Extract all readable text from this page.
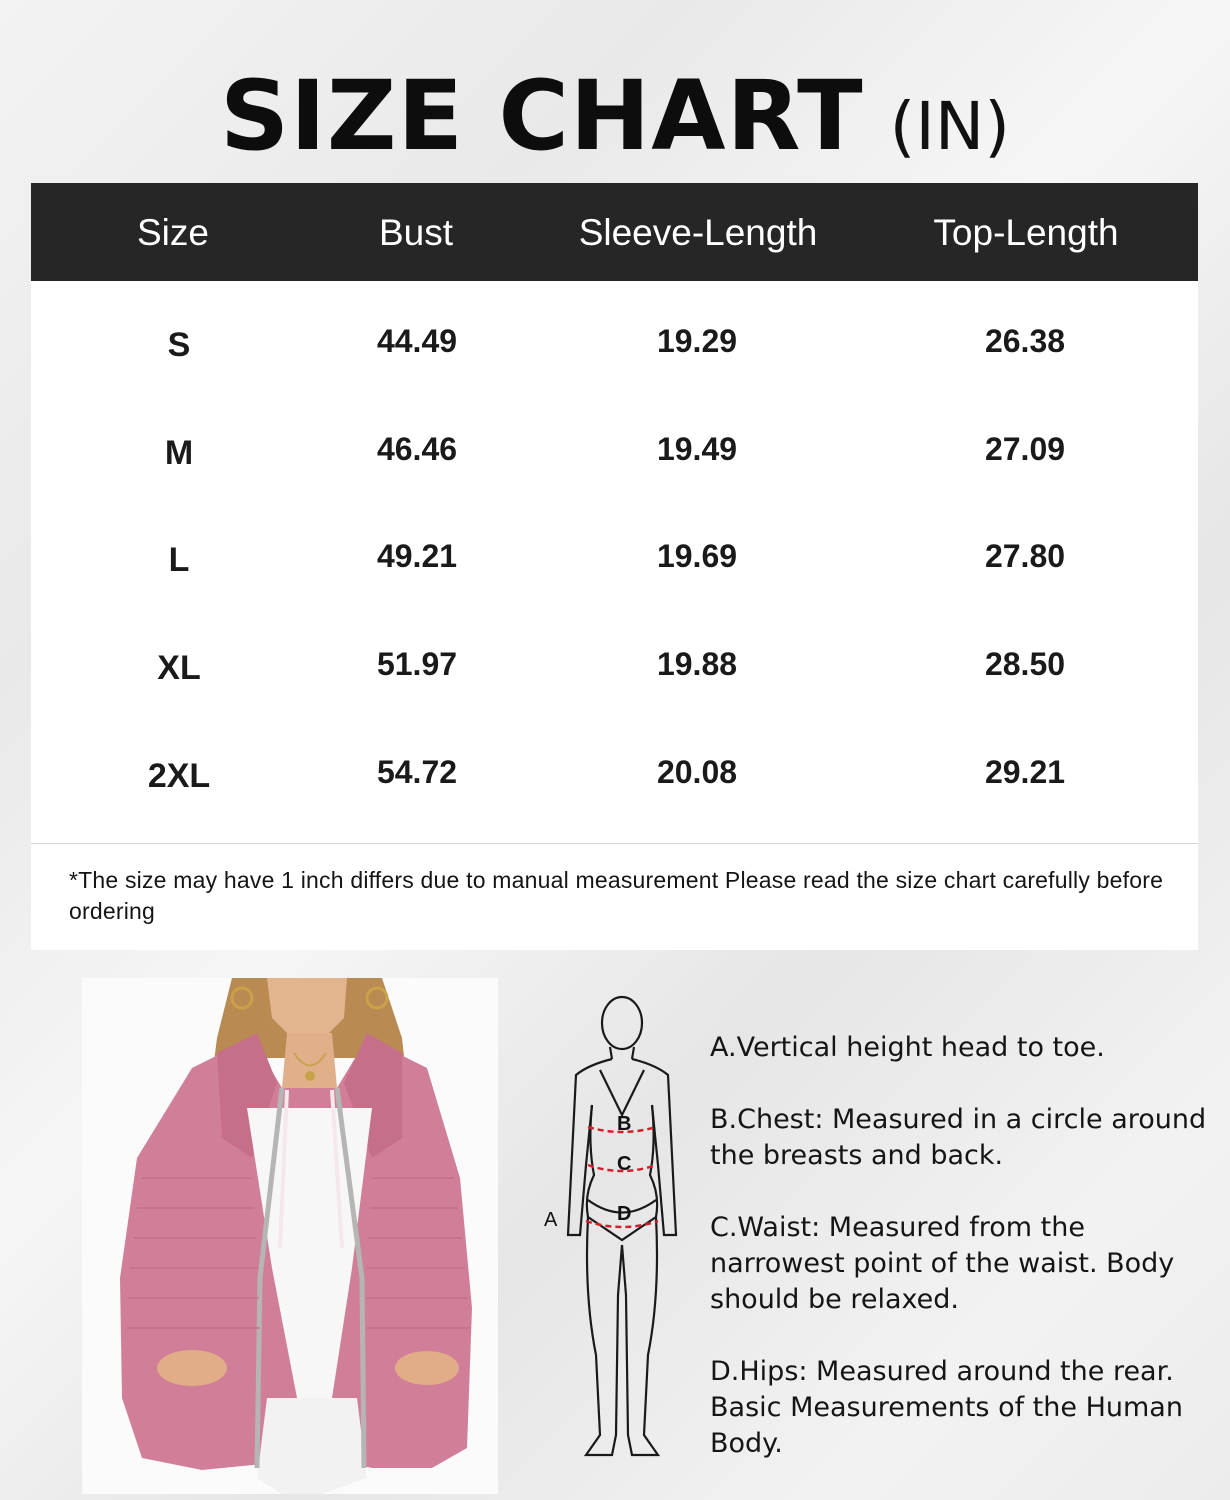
SIZE CHART (IN)
Size	Bust	Sleeve-Length	Top-Length
S	44.49	19.29	26.38
M	46.46	19.49	27.09
L	49.21	19.69	27.80
XL	51.97	19.88	28.50
2XL	54.72	20.08	29.21
*The size may have 1 inch differs due to manual measurement Please read the size chart carefully before ordering
B
C
D
A
A.Vertical height head to toe.
B.Chest: Measured in a circle around the breasts and back.
C.Waist: Measured from the narrowest point of the waist. Body should be relaxed.
D.Hips: Measured around the rear. Basic Measurements of the Human Body.
